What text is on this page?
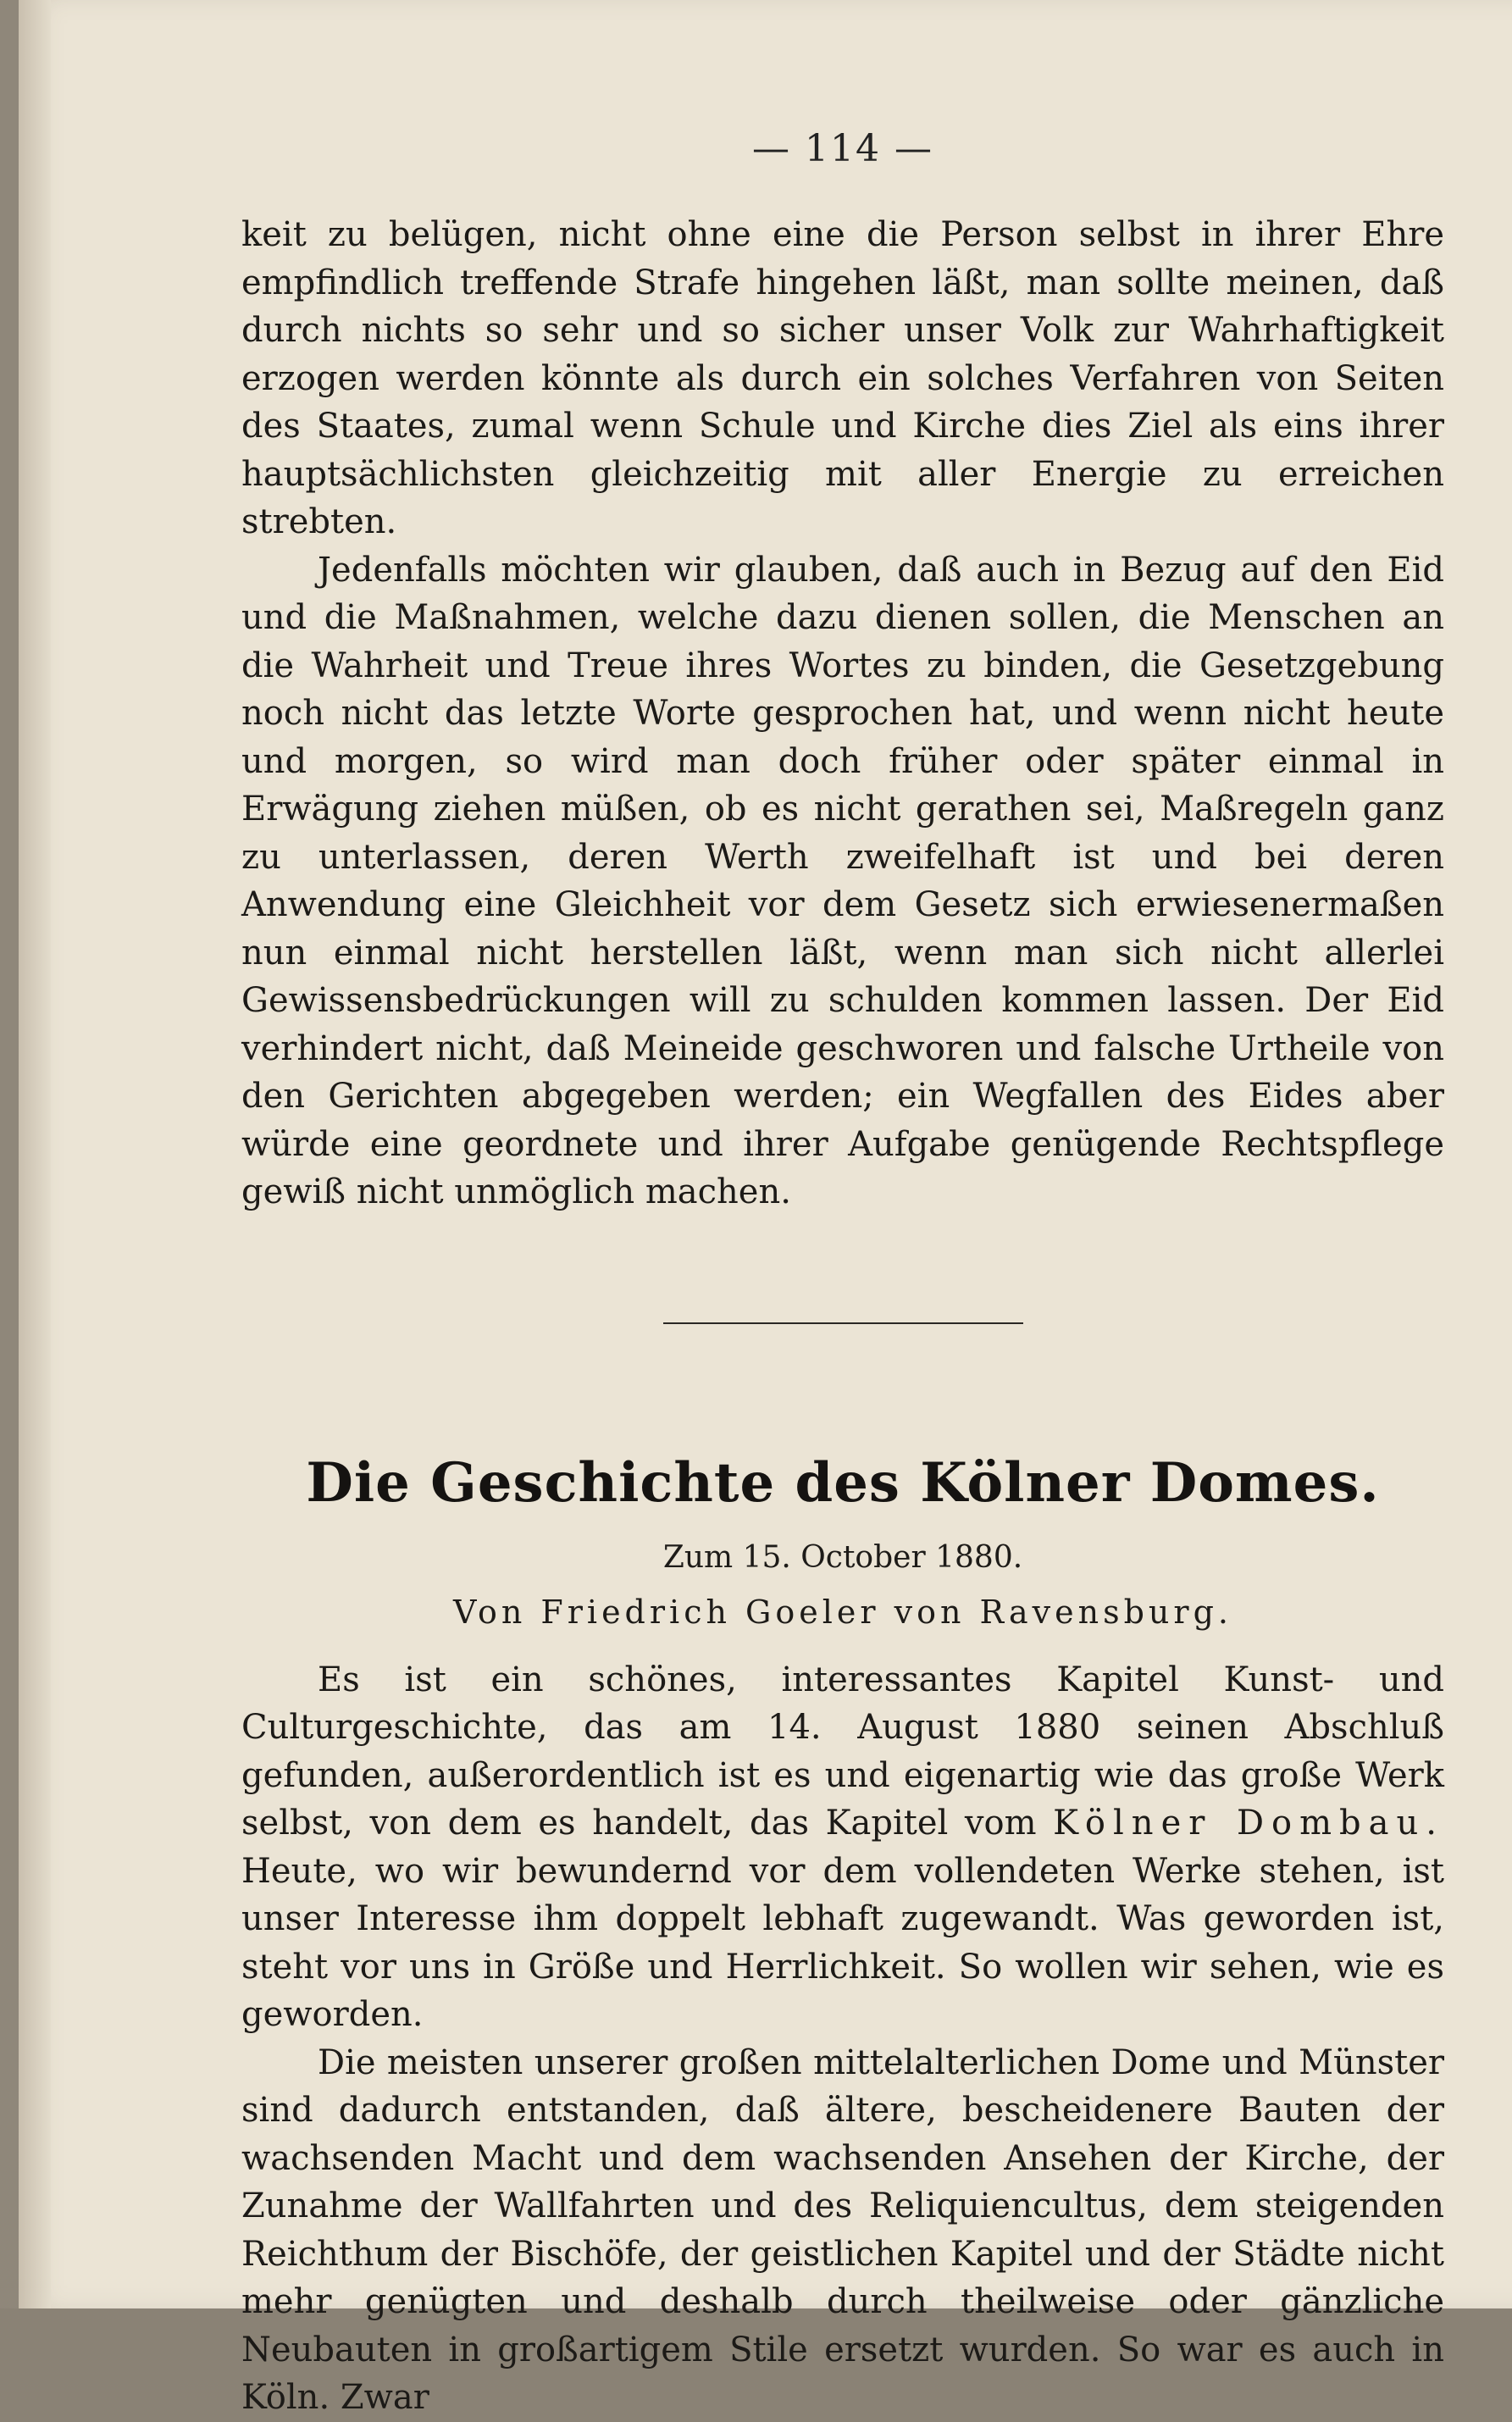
— 114 —

keit zu belügen, nicht ohne eine die Person selbst in ihrer Ehre empfindlich treffende Strafe hingehen läßt, man sollte meinen, daß durch nichts so sehr und so sicher unser Volk zur Wahrhaftigkeit erzogen werden könnte als durch ein solches Verfahren von Seiten des Staates, zumal wenn Schule und Kirche dies Ziel als eins ihrer hauptsächlichsten gleichzeitig mit aller Energie zu erreichen strebten.

Jedenfalls möchten wir glauben, daß auch in Bezug auf den Eid und die Maßnahmen, welche dazu dienen sollen, die Menschen an die Wahrheit und Treue ihres Wortes zu binden, die Gesetzgebung noch nicht das letzte Worte gesprochen hat, und wenn nicht heute und morgen, so wird man doch früher oder später einmal in Erwägung ziehen müßen, ob es nicht gerathen sei, Maßregeln ganz zu unterlassen, deren Werth zweifelhaft ist und bei deren Anwendung eine Gleichheit vor dem Gesetz sich erwiesenermaßen nun einmal nicht herstellen läßt, wenn man sich nicht allerlei Gewissensbedrückungen will zu schulden kommen lassen. Der Eid verhindert nicht, daß Meineide geschworen und falsche Urtheile von den Gerichten abgegeben werden; ein Wegfallen des Eides aber würde eine geordnete und ihrer Aufgabe genügende Rechtspflege gewiß nicht unmöglich machen.

Die Geschichte des Kölner Domes.
Zum 15. October 1880.
Von Friedrich Goeler von Ravensburg.

Es ist ein schönes, interessantes Kapitel Kunst- und Culturgeschichte, das am 14. August 1880 seinen Abschluß gefunden, außerordentlich ist es und eigenartig wie das große Werk selbst, von dem es handelt, das Kapitel vom Kölner Dombau. Heute, wo wir bewundernd vor dem vollendeten Werke stehen, ist unser Interesse ihm doppelt lebhaft zugewandt. Was geworden ist, steht vor uns in Größe und Herrlichkeit. So wollen wir sehen, wie es geworden.

Die meisten unserer großen mittelalterlichen Dome und Münster sind dadurch entstanden, daß ältere, bescheidenere Bauten der wachsenden Macht und dem wachsenden Ansehen der Kirche, der Zunahme der Wallfahrten und des Reliquiencultus, dem steigenden Reichthum der Bischöfe, der geistlichen Kapitel und der Städte nicht mehr genügten und deshalb durch theilweise oder gänzliche Neubauten in großartigem Stile ersetzt wurden. So war es auch in Köln. Zwar
